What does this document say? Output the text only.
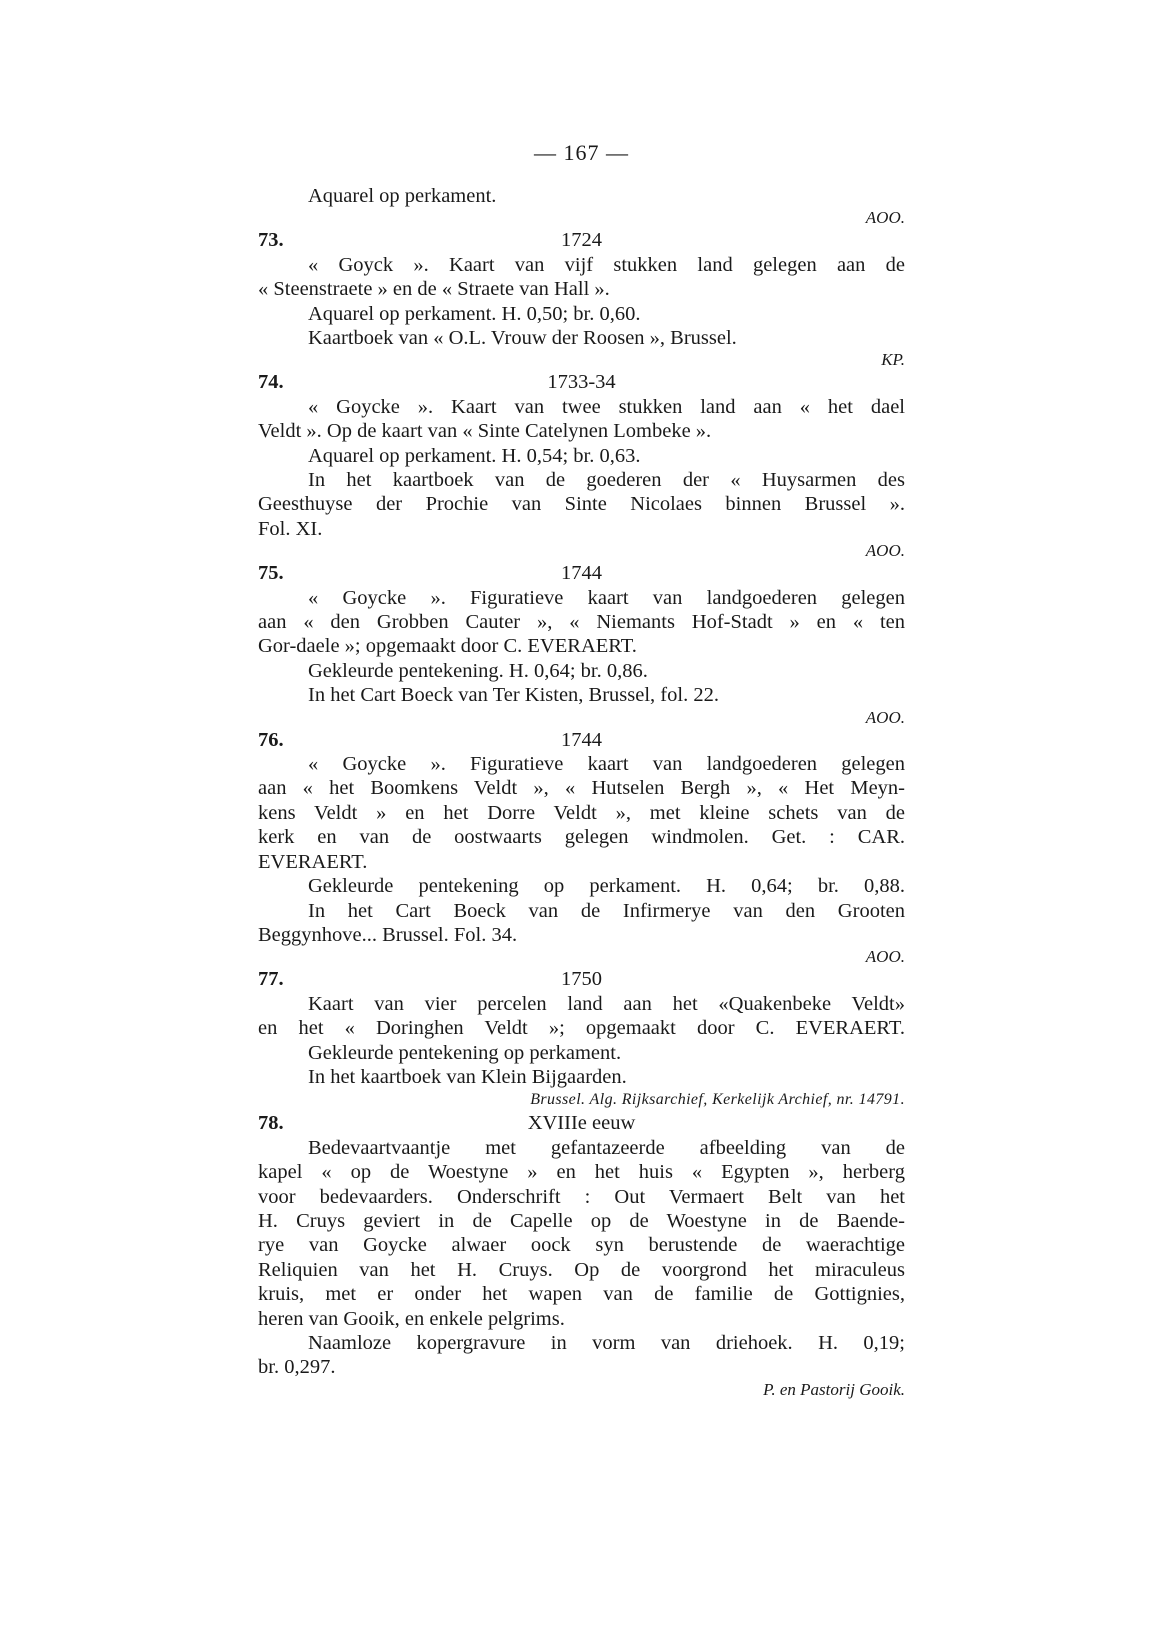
— 167 —
Aquarel op perkament.
AOO.
73.	1724
« Goyck ». Kaart van vijf stukken land gelegen aan de
« Steenstraete » en de « Straete van Hall ».
Aquarel op perkament. H. 0,50; br. 0,60.
Kaartboek van « O.L. Vrouw der Roosen », Brussel.
KP.
74.	1733-34
« Goycke ». Kaart van twee stukken land aan « het dael
Veldt ». Op de kaart van « Sinte Catelynen Lombeke ».
Aquarel op perkament. H. 0,54; br. 0,63.
In het kaartboek van de goederen der « Huysarmen des
Geesthuyse der Prochie van Sinte Nicolaes binnen Brussel ».
Fol. XI.
AOO.
75.	1744
« Goycke ». Figuratieve kaart van landgoederen gelegen
aan « den Grobben Cauter », « Niemants Hof-Stadt » en « ten
Gor-daele »; opgemaakt door C. EVERAERT.
Gekleurde pentekening. H. 0,64; br. 0,86.
In het Cart Boeck van Ter Kisten, Brussel, fol. 22.
AOO.
76.	1744
« Goycke ». Figuratieve kaart van landgoederen gelegen
aan « het Boomkens Veldt », « Hutselen Bergh », « Het Meyn-
kens Veldt » en het Dorre Veldt », met kleine schets van de
kerk en van de oostwaarts gelegen windmolen. Get. : CAR.
EVERAERT.
Gekleurde pentekening op perkament. H. 0,64; br. 0,88.
In het Cart Boeck van de Infirmerye van den Grooten
Beggynhove... Brussel. Fol. 34.
AOO.
77.	1750
Kaart van vier percelen land aan het «Quakenbeke Veldt»
en het « Doringhen Veldt »; opgemaakt door C. EVERAERT.
Gekleurde pentekening op perkament.
In het kaartboek van Klein Bijgaarden.
Brussel. Alg. Rijksarchief, Kerkelijk Archief, nr. 14791.
78.	XVIIIe eeuw
Bedevaartvaantje met gefantazeerde afbeelding van de
kapel « op de Woestyne » en het huis « Egypten », herberg
voor bedevaarders. Onderschrift : Out Vermaert Belt van het
H. Cruys geviert in de Capelle op de Woestyne in de Baende-
rye van Goycke alwaer oock syn berustende de waerachtige
Reliquien van het H. Cruys. Op de voorgrond het miraculeus
kruis, met er onder het wapen van de familie de Gottignies,
heren van Gooik, en enkele pelgrims.
Naamloze kopergravure in vorm van driehoek. H. 0,19;
br. 0,297.
P. en Pastorij Gooik.
